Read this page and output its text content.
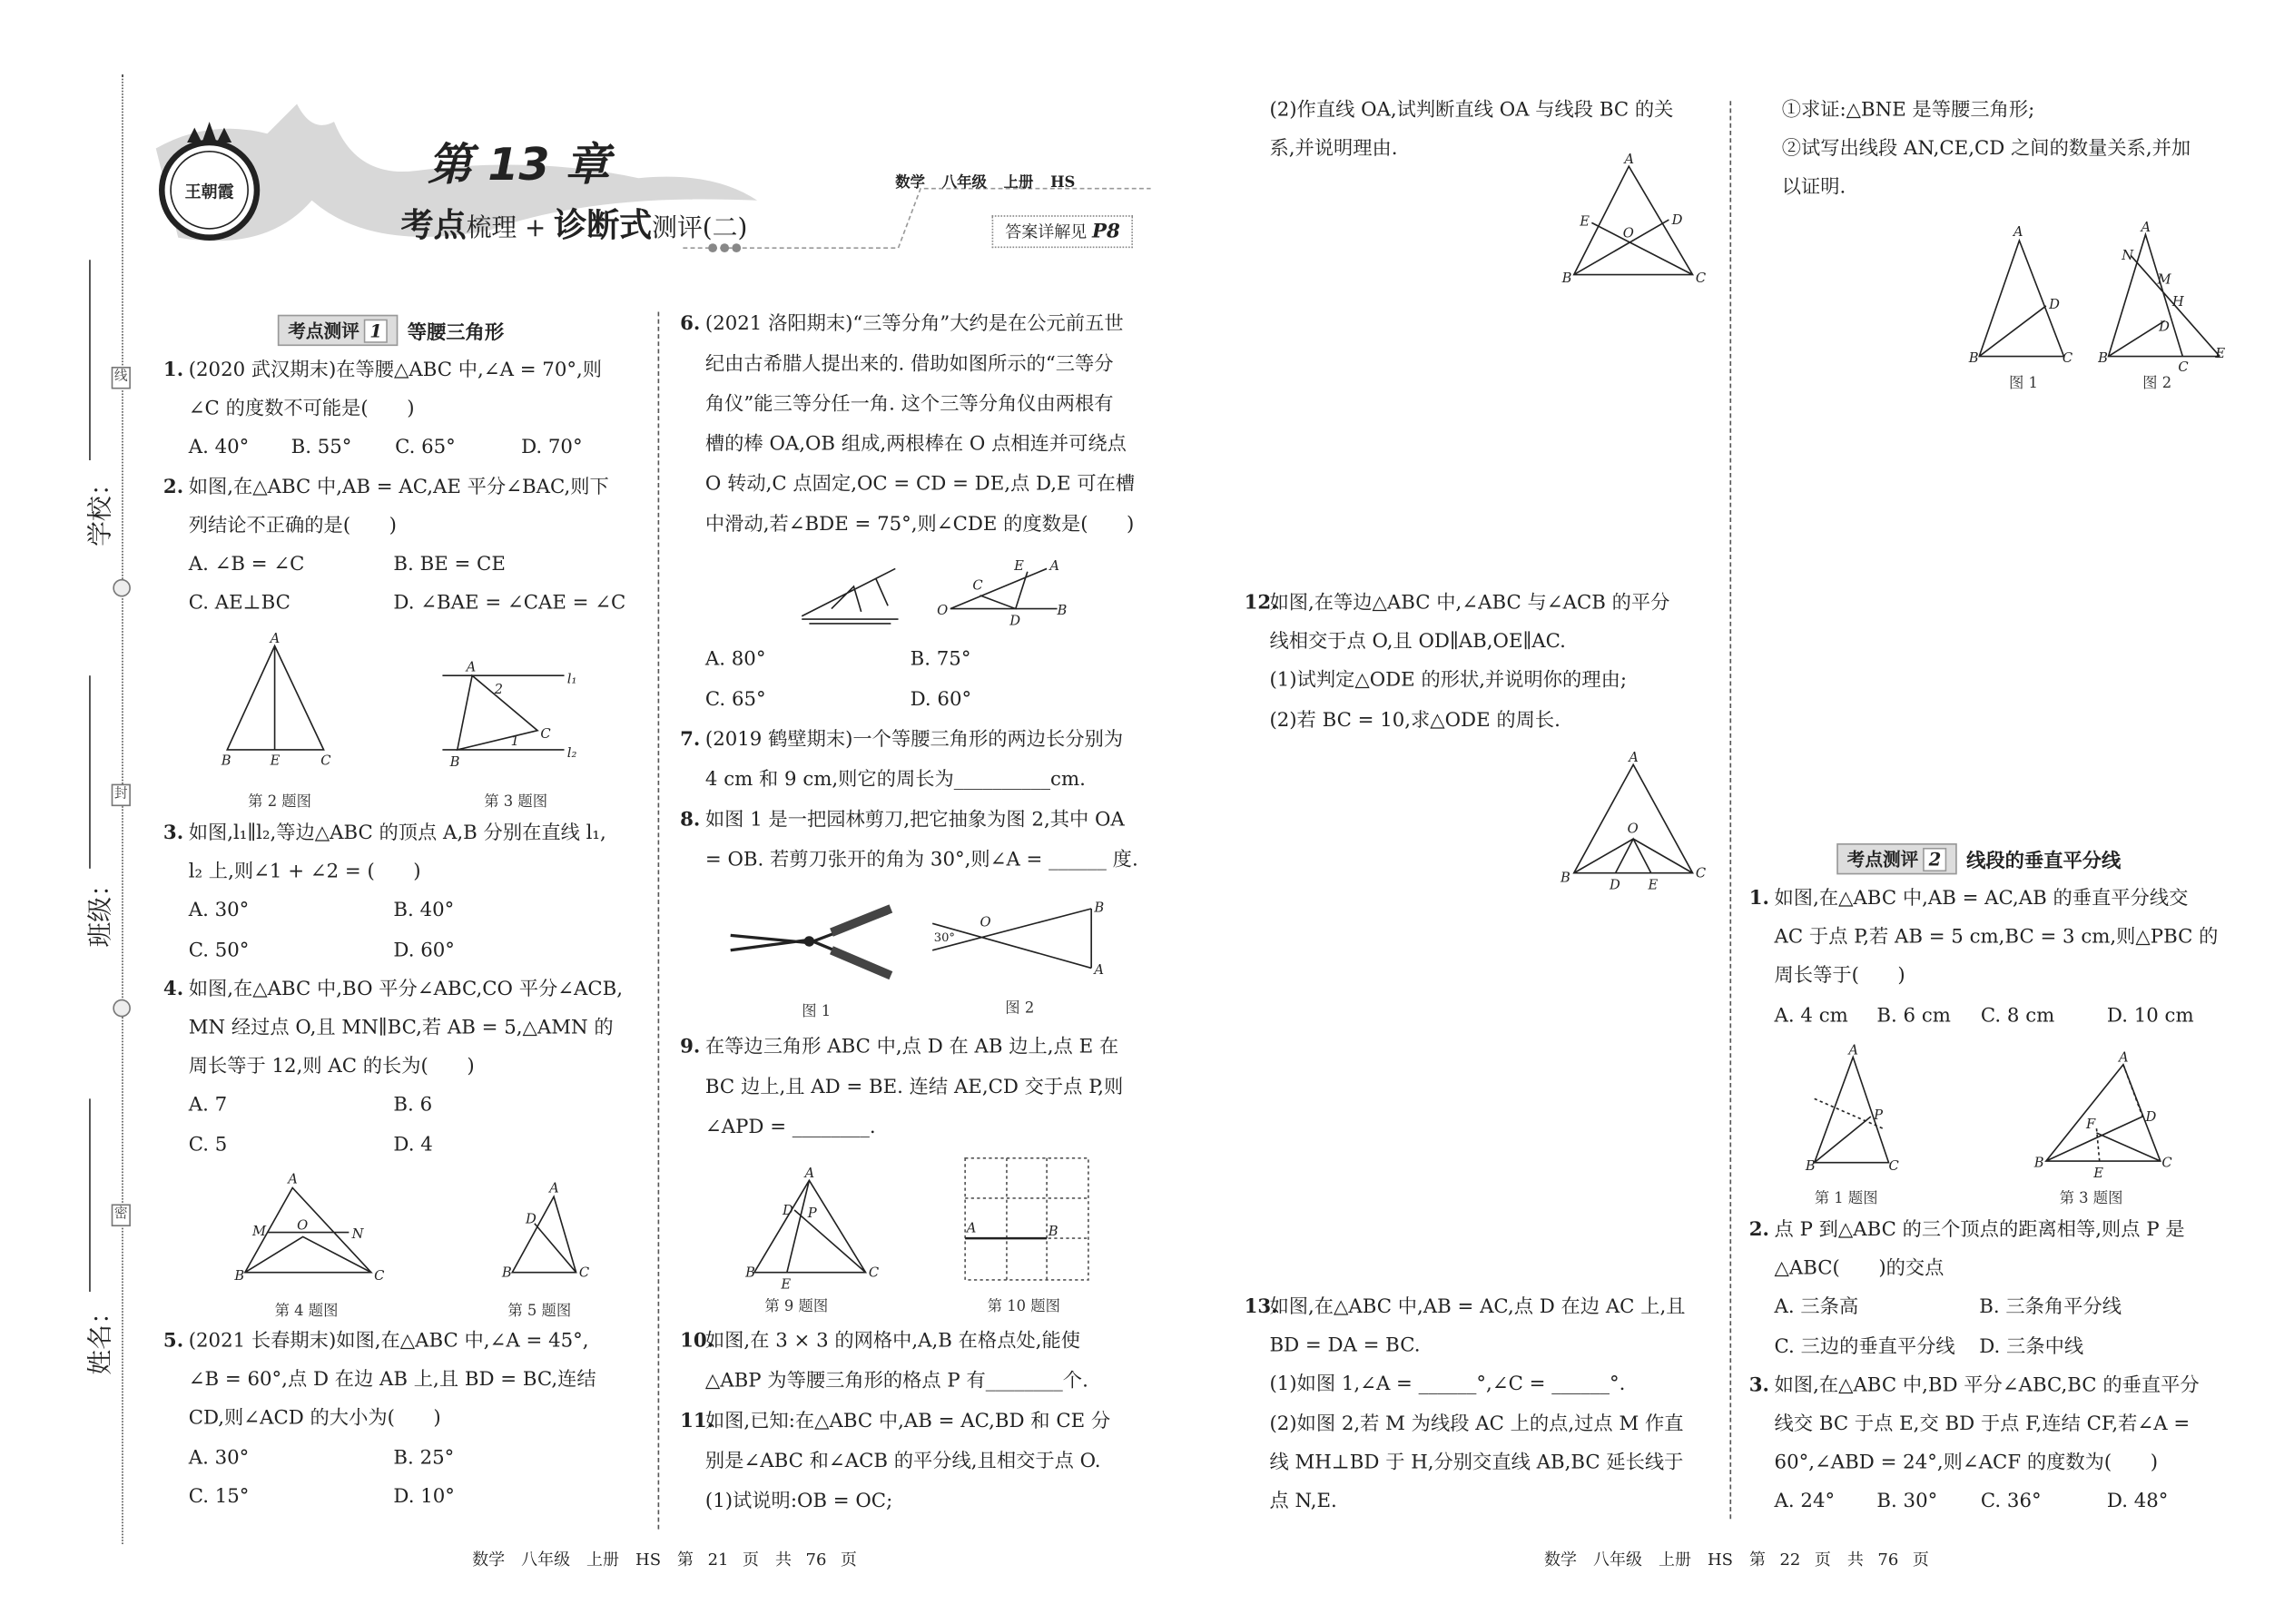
学校：
班级：
姓名：
线
封
密
王朝霞
第 13 章
考点梳理 + 诊断式测评(二)
数学 八年级 上册 HS
答案详解见 P8
考点测评 1	等腰三角形
考点测评 2	线段的垂直平分线
1. (2020 武汉期末)在等腰△ABC 中,∠A = 70°,则
∠C 的度数不可能是(　　)
A. 40°	B. 55°	C. 65°	D. 70°
2. 如图,在△ABC 中,AB = AC,AE 平分∠BAC,则下
列结论不正确的是(　　)
A. ∠B = ∠C	B. BE = CE
C. AE⊥BC	D. ∠BAE = ∠CAE = ∠C
3. 如图,l₁∥l₂,等边△ABC 的顶点 A,B 分别在直线 l₁,
l₂ 上,则∠1 + ∠2 = (　　)
A. 30°	B. 40°
C. 50°	D. 60°
4. 如图,在△ABC 中,BO 平分∠ABC,CO 平分∠ACB,
MN 经过点 O,且 MN∥BC,若 AB = 5,△AMN 的
周长等于 12,则 AC 的长为(　　)
A. 7	B. 6
C. 5	D. 4
5. (2021 长春期末)如图,在△ABC 中,∠A = 45°,
∠B = 60°,点 D 在边 AB 上,且 BD = BC,连结
CD,则∠ACD 的大小为(　　)
A. 30°	B. 25°
C. 15°	D. 10°
6. (2021 洛阳期末)“三等分角”大约是在公元前五世
纪由古希腊人提出来的. 借助如图所示的“三等分
角仪”能三等分任一角. 这个三等分角仪由两根有
槽的棒 OA,OB 组成,两根棒在 O 点相连并可绕点
O 转动,C 点固定,OC = CD = DE,点 D,E 可在槽
中滑动,若∠BDE = 75°,则∠CDE 的度数是(　　)
A. 80°	B. 75°
C. 65°	D. 60°
7. (2019 鹤壁期末)一个等腰三角形的两边长分别为
4 cm 和 9 cm,则它的周长为__________cm.
8. 如图 1 是一把园林剪刀,把它抽象为图 2,其中 OA
= OB. 若剪刀张开的角为 30°,则∠A = ______ 度.
9. 在等边三角形 ABC 中,点 D 在 AB 边上,点 E 在
BC 边上,且 AD = BE. 连结 AE,CD 交于点 P,则
∠APD = ________.
10.
如图,在 3 × 3 的网格中,A,B 在格点处,能使
△ABP 为等腰三角形的格点 P 有________个.
11.
如图,已知:在△ABC 中,AB = AC,BD 和 CE 分
别是∠ABC 和∠ACB 的平分线,且相交于点 O.
(1)试说明:OB = OC;
(2)作直线 OA,试判断直线 OA 与线段 BC 的关
系,并说明理由.
12.
如图,在等边△ABC 中,∠ABC 与∠ACB 的平分
线相交于点 O,且 OD∥AB,OE∥AC.
(1)试判定△ODE 的形状,并说明你的理由;
(2)若 BC = 10,求△ODE 的周长.
13.
如图,在△ABC 中,AB = AC,点 D 在边 AC 上,且
BD = DA = BC.
(1)如图 1,∠A = ______°,∠C = ______°.
(2)如图 2,若 M 为线段 AC 上的点,过点 M 作直
线 MH⊥BD 于 H,分别交直线 AB,BC 延长线于
点 N,E.
①求证:△BNE 是等腰三角形;
②试写出线段 AN,CE,CD 之间的数量关系,并加
以证明.
1. 如图,在△ABC 中,AB = AC,AB 的垂直平分线交
AC 于点 P,若 AB = 5 cm,BC = 3 cm,则△PBC 的
周长等于(　　)
A. 4 cm B. 6 cm	C. 8 cm	D. 10 cm
2. 点 P 到△ABC 的三个顶点的距离相等,则点 P 是
△ABC(　　)的交点
A. 三条高	B. 三条角平分线
C. 三边的垂直平分线 D. 三条中线
3. 如图,在△ABC 中,BD 平分∠ABC,BC 的垂直平分
线交 BC 于点 E,交 BD 于点 F,连结 CF,若∠A =
60°,∠ABD = 24°,则∠ACF 的度数为(　　)
A. 24°	B. 30°	C. 36°	D. 48°
第 2 题图	第 3 题图
第 4 题图	第 5 题图
图 1	图 2
第 9 题图	第 10 题图
图 1	图 2
第 1 题图	第 3 题图
A
B	E	C
A
B
C
1
2
l₁
l₂
A
M	O
N
B	C
A
D
B	C
O
C
D
E	A
B
O
B
A
30°
A
D P
B
E
C
A	B
A
E
O
D
B	C
A
O
B	D	E
C
A
D
B	C
A
N
M
H
D
B
C
E
A
P
B	C
A
D
F
B
E
C
数学　八年级　上册　HS　第 21 页　共 76 页	数学　八年级　上册　HS　第 22 页　共 76 页
